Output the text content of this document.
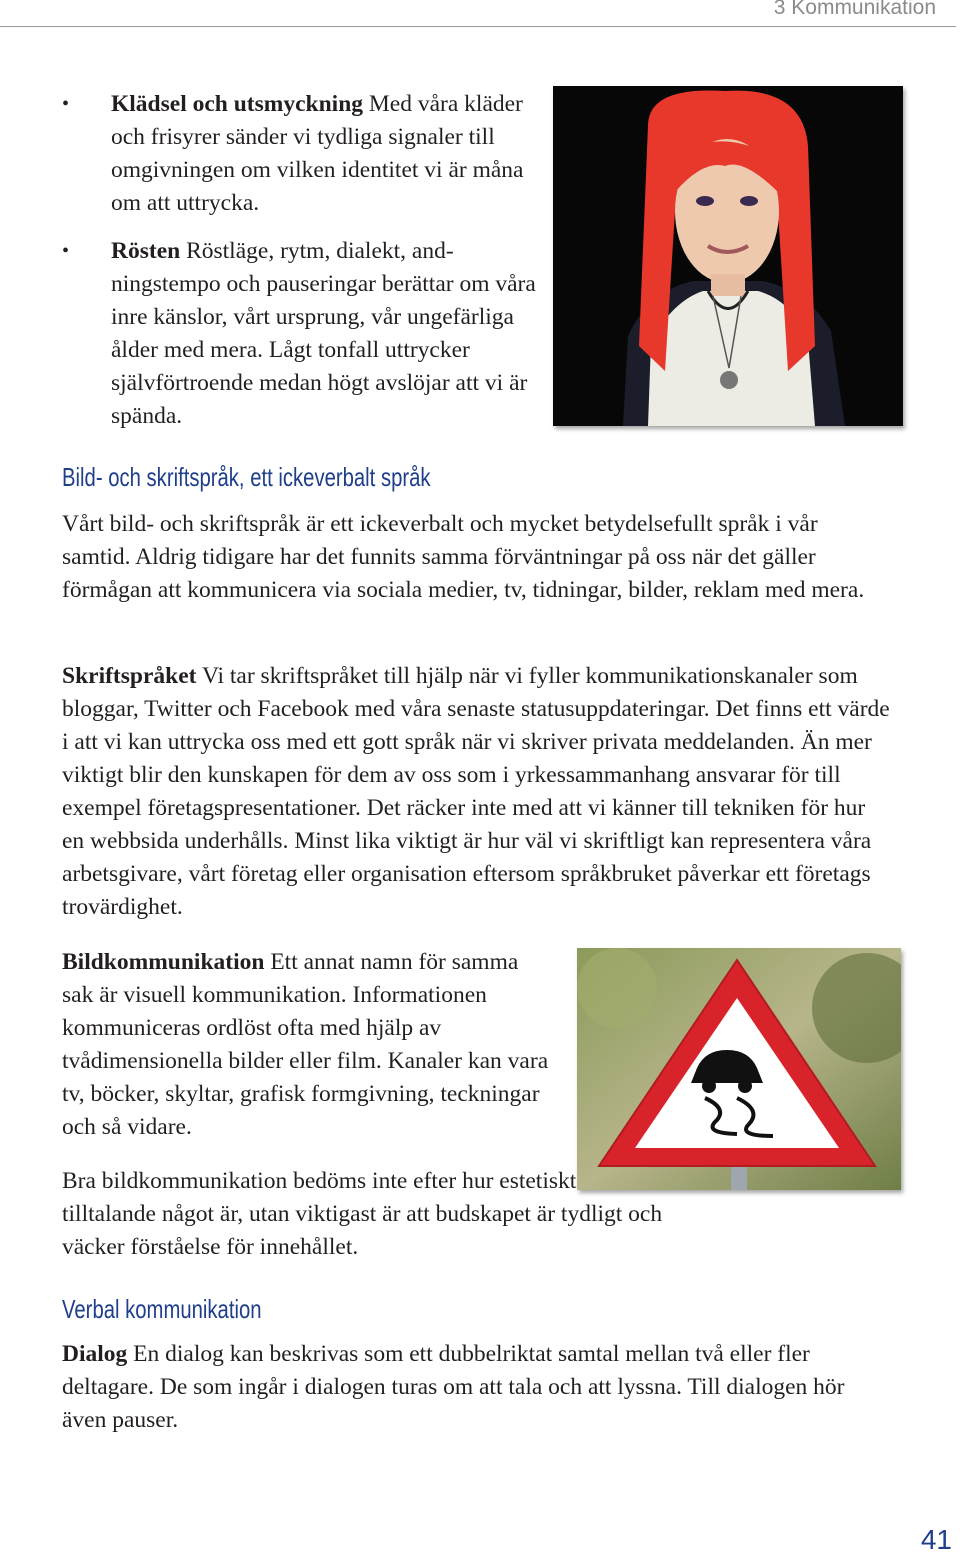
3 Kommunikation
• Klädsel och utsmyckning Med våra kläder och frisyrer sänder vi tydliga signaler till omgivningen om vilken identitet vi är måna om att uttrycka.
• Rösten Röstläge, rytm, dialekt, andningstempo och pauseringar berättar om våra inre känslor, vårt ursprung, vår ungefärliga ålder med mera. Lågt tonfall uttrycker självförtroende medan högt avslöjar att vi är spända.
Bild- och skriftspråk, ett ickeverbalt språk

Vårt bild- och skriftspråk är ett ickeverbalt och mycket betydelsefullt språk i vår samtid. Aldrig tidigare har det funnits samma förväntningar på oss när det gäller förmågan att kommunicera via sociala medier, tv, tidningar, bilder, reklam med mera.

Skriftspråket Vi tar skriftspråket till hjälp när vi fyller kommunikationskanaler som bloggar, Twitter och Facebook med våra senaste statusuppdateringar. Det finns ett värde i att vi kan uttrycka oss med ett gott språk när vi skriver privata meddelanden. Än mer viktigt blir den kunskapen för dem av oss som i yrkessammanhang ansvarar för till exempel företagspresentationer. Det räcker inte med att vi känner till tekniken för hur en webbsida underhålls. Minst lika viktigt är hur väl vi skriftligt kan representera våra arbetsgivare, vårt företag eller organisation eftersom språkbruket påverkar ett företags trovärdighet.

Bildkommunikation Ett annat namn för samma sak är visuell kommunikation. Informationen kommuniceras ordlöst ofta med hjälp av tvådimensionella bilder eller film. Kanaler kan vara tv, böcker, skyltar, grafisk formgivning, teckningar och så vidare.

Bra bildkommunikation bedöms inte efter hur estetiskt tilltalande något är, utan viktigast är att budskapet är tydligt och väcker förståelse för innehållet.

Verbal kommunikation

Dialog En dialog kan beskrivas som ett dubbelriktat samtal mellan två eller fler deltagare. De som ingår i dialogen turas om att tala och att lyssna. Till dialogen hör även pauser.

41
